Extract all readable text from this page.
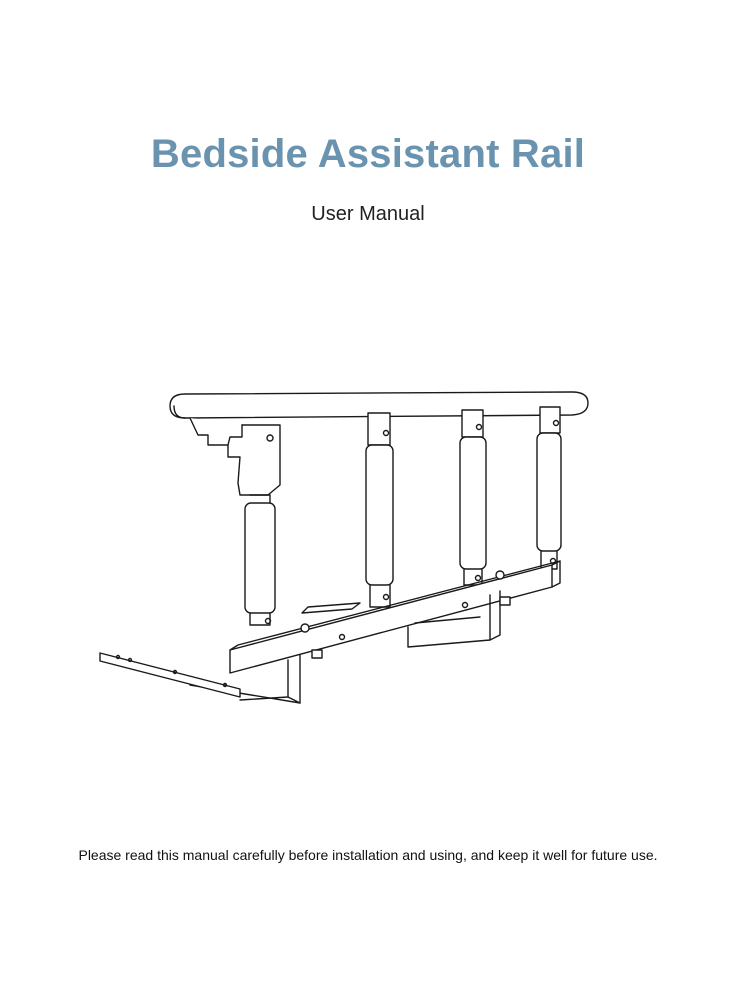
Bedside Assistant Rail
User Manual
Please read this manual carefully before installation and using, and keep it well for future use.
